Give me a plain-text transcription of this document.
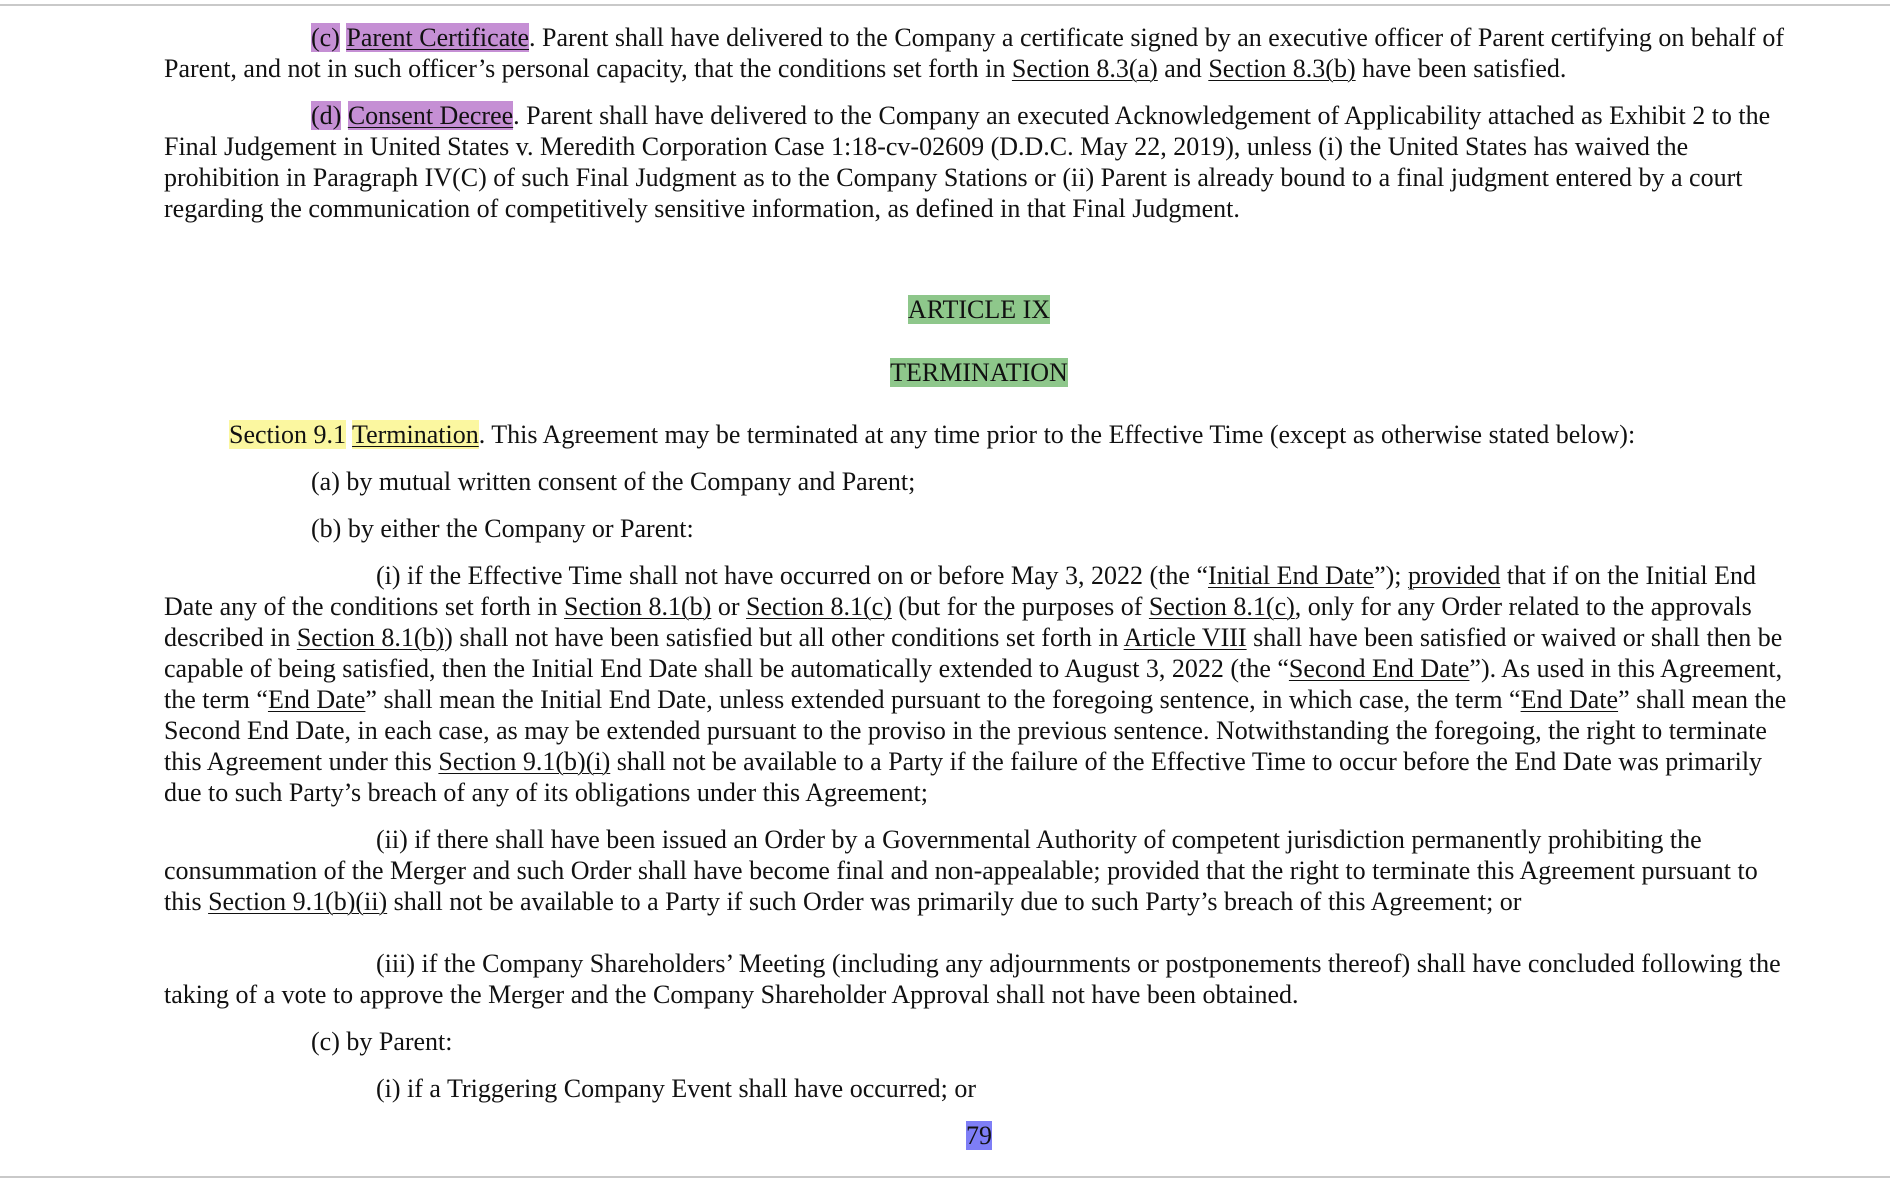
(c) Parent Certificate. Parent shall have delivered to the Company a certificate signed by an executive officer of Parent certifying on behalf of Parent, and not in such officer’s personal capacity, that the conditions set forth in Section 8.3(a) and Section 8.3(b) have been satisfied.

(d) Consent Decree. Parent shall have delivered to the Company an executed Acknowledgement of Applicability attached as Exhibit 2 to the Final Judgement in United States v. Meredith Corporation Case 1:18-cv-02609 (D.D.C. May 22, 2019), unless (i) the United States has waived the prohibition in Paragraph IV(C) of such Final Judgment as to the Company Stations or (ii) Parent is already bound to a final judgment entered by a court regarding the communication of competitively sensitive information, as defined in that Final Judgment.

ARTICLE IX

TERMINATION

Section 9.1 Termination. This Agreement may be terminated at any time prior to the Effective Time (except as otherwise stated below):

(a) by mutual written consent of the Company and Parent;

(b) by either the Company or Parent:

(i) if the Effective Time shall not have occurred on or before May 3, 2022 (the “Initial End Date”); provided that if on the Initial End Date any of the conditions set forth in Section 8.1(b) or Section 8.1(c) (but for the purposes of Section 8.1(c), only for any Order related to the approvals described in Section 8.1(b)) shall not have been satisfied but all other conditions set forth in Article VIII shall have been satisfied or waived or shall then be capable of being satisfied, then the Initial End Date shall be automatically extended to August 3, 2022 (the “Second End Date”). As used in this Agreement, the term “End Date” shall mean the Initial End Date, unless extended pursuant to the foregoing sentence, in which case, the term “End Date” shall mean the Second End Date, in each case, as may be extended pursuant to the proviso in the previous sentence. Notwithstanding the foregoing, the right to terminate this Agreement under this Section 9.1(b)(i) shall not be available to a Party if the failure of the Effective Time to occur before the End Date was primarily due to such Party’s breach of any of its obligations under this Agreement;

(ii) if there shall have been issued an Order by a Governmental Authority of competent jurisdiction permanently prohibiting the consummation of the Merger and such Order shall have become final and non-appealable; provided that the right to terminate this Agreement pursuant to this Section 9.1(b)(ii) shall not be available to a Party if such Order was primarily due to such Party’s breach of this Agreement; or

(iii) if the Company Shareholders’ Meeting (including any adjournments or postponements thereof) shall have concluded following the taking of a vote to approve the Merger and the Company Shareholder Approval shall not have been obtained.

(c) by Parent:

(i) if a Triggering Company Event shall have occurred; or

79
